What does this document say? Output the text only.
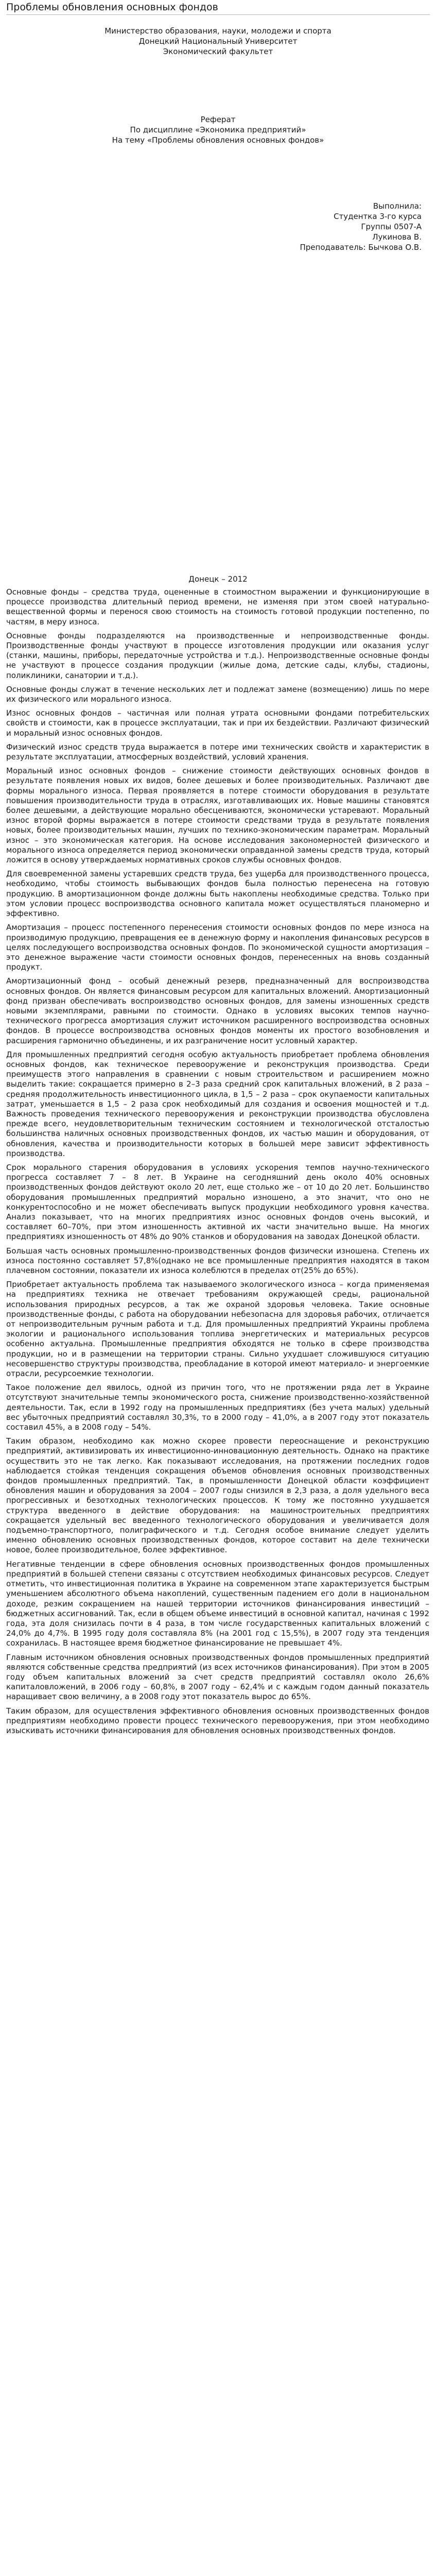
Проблемы обновления основных фондов
Министерство образования, науки, молодежи и спорта
Донецкий Национальный Университет
Экономический факультет
Реферат
По дисциплине «Экономика предприятий»
На тему «Проблемы обновления основных фондов»
Выполнила:
Студентка 3-го курса
Группы 0507-А
Лукинова В.
Преподаватель: Бычкова О.В.
Донецк – 2012

Основные фонды – средства труда, оцененные в стоимостном выражении и функционирующие в процессе производства длительный период времени, не изменяя при этом своей натурально-вещественной формы и перенося свою стоимость на стоимость готовой продукции постепенно, по частям, в меру износа.

Основные фонды подразделяются на производственные и непроизводственные фонды. Производственные фонды участвуют в процессе изготовления продукции или оказания услуг (станки, машины, приборы, передаточные устройства и т.д.). Непроизводственные основные фонды не участвуют в процессе создания продукции (жилые дома, детские сады, клубы, стадионы, поликлиники, санатории и т.д.).

Основные фонды служат в течение нескольких лет и подлежат замене (возмещению) лишь по мере их физического или морального износа.

Износ основных фондов – частичная или полная утрата основными фондами потребительских свойств и стоимости, как в процессе эксплуатации, так и при их бездействии. Различают физический и моральный износ основных фондов.

Физический износ средств труда выражается в потере ими технических свойств и характеристик в результате эксплуатации, атмосферных воздействий, условий хранения.

Моральный износ основных фондов – снижение стоимости действующих основных фондов в результате появления новых их видов, более дешевых и более производительных. Различают две формы морального износа. Первая проявляется в потере стоимости оборудования в результате повышения производительности труда в отраслях, изготавливающих их. Новые машины становятся более дешевыми, а действующие морально обесцениваются, экономически устаревают. Моральный износ второй формы выражается в потере стоимости средствами труда в результате появления новых, более производительных машин, лучших по технико-экономическим параметрам. Моральный износ – это экономическая категория. На основе исследования закономерностей физического и морального износа определяется период экономически оправданной замены средств труда, который ложится в основу утверждаемых нормативных сроков службы основных фондов.

Для своевременной замены устаревших средств труда, без ущерба для производственного процесса, необходимо, чтобы стоимость выбывающих фондов была полностью перенесена на готовую продукцию. В амортизационном фонде должны быть накоплены необходимые средства. Только при этом условии процесс воспроизводства основного капитала может осуществляться планомерно и эффективно.

Амортизация – процесс постепенного перенесения стоимости основных фондов по мере износа на производимую продукцию, превращения ее в денежную форму и накопления финансовых ресурсов в целях последующего воспроизводства основных фондов. По экономической сущности амортизация – это денежное выражение части стоимости основных фондов, перенесенных на вновь созданный продукт.

Амортизационный фонд – особый денежный резерв, предназначенный для воспроизводства основных фондов. Он является финансовым ресурсом для капитальных вложений. Амортизационный фонд призван обеспечивать воспроизводство основных фондов, для замены изношенных средств новыми экземплярами, равными по стоимости. Однако в условиях высоких темпов научно-технического прогресса амортизация служит источником расширенного воспроизводства основных фондов. В процессе воспроизводства основных фондов моменты их простого возобновления и расширения гармонично объединены, и их разграничение носит условный характер.

Для промышленных предприятий сегодня особую актуальность приобретает проблема обновления основных фондов, как техническое перевооружение и реконструкция производства. Среди преимуществ этого направления в сравнении с новым строительством и расширением можно выделить такие: сокращается примерно в 2–3 раза средний срок капитальных вложений, в 2 раза – средняя продолжительность инвестиционного цикла, в 1,5 – 2 раза – срок окупаемости капитальных затрат, уменьшается в 1,5 – 2 раза срок необходимый для создания и освоения мощностей и т.д. Важность проведения технического перевооружения и реконструкции производства обусловлена прежде всего, неудовлетворительным техническим состоянием и технологической отсталостью большинства наличных основных производственных фондов, их частью машин и оборудования, от обновления, качества и производительности которых в большей мере зависит эффективность производства.

Срок морального старения оборудования в условиях ускорения темпов научно-технического прогресса составляет 7 – 8 лет. В Украине на сегодняшний день около 40% основных производственных фондов действуют около 20 лет, еще столько же – от 10 до 20 лет. Большинство оборудования промышленных предприятий морально изношено, а это значит, что оно не конкурентоспособно и не может обеспечивать выпуск продукции необходимого уровня качества. Анализ показывает, что на многих предприятиях износ основных фондов очень высокий, и составляет 60–70%, при этом изношенность активной их части значительно выше. На многих предприятиях изношенность от 48% до 90% станков и оборудования на заводах Донецкой области.

Большая часть основных промышленно-производственных фондов физически изношена. Степень их износа постоянно составляет 57,8%(однако не все промышленные предприятия находятся в таком плачевном состоянии, показатели их износа колеблются в пределах от(25% до 65%).

Приобретает актуальность проблема так называемого экологического износа – когда применяемая на предприятиях техника не отвечает требованиям окружающей среды, рациональной использования природных ресурсов, а так же охраной здоровья человека. Такие основные производственные фонды, с работа на оборудовании небезопасна для здоровья рабочих, отличается от непроизводительным ручным работа и т.д. Для промышленных предприятий Украины проблема экологии и рационального использования топлива энергетических и материальных ресурсов особенно актуальна. Промышленные предприятия обходятся не только в сфере производства продукции, но и в размещении на территории страны. Сильно ухудшает сложившуюся ситуацию несовершенство структуры производства, преобладание в которой имеют материало- и энергоемкие отрасли, ресурсоемкие технологии.

Такое положение дел явилось, одной из причин того, что не протяжении ряда лет в Украине отсутствуют значительные темпы экономического роста, снижение производственно-хозяйственной деятельности. Так, если в 1992 году на промышленных предприятиях (без учета малых) удельный вес убыточных предприятий составлял 30,3%, то в 2000 году – 41,0%, а в 2007 году этот показатель составил 45%, а в 2008 году – 54%.

Таким образом, необходимо как можно скорее провести переоснащение и реконструкцию предприятий, активизировать их инвестиционно-инновационную деятельность. Однако на практике осуществить это не так легко. Как показывают исследования, на протяжении последних годов наблюдается стойкая тенденция сокращения объемов обновления основных производственных фондов промышленных предприятий. Так, в промышленности Донецкой области коэффициент обновления машин и оборудования за 2004 – 2007 годы снизился в 2,3 раза, а доля удельного веса прогрессивных и безотходных технологических процессов. К тому же постоянно ухудшается структура введенного в действие оборудования: на машиностроительных предприятиях сокращается удельный вес введенного технологического оборудования и увеличивается доля подъемно-транспортного, полиграфического и т.д. Сегодня особое внимание следует уделить именно обновлению основных производственных фондов, которое составит на деле технически новое, более производительное, более эффективное.

Негативные тенденции в сфере обновления основных производственных фондов промышленных предприятий в большей степени связаны с отсутствием необходимых финансовых ресурсов. Следует отметить, что инвестиционная политика в Украине на современном этапе характеризуется быстрым уменьшением абсолютного объема накоплений, существенным падением его доли в национальном доходе, резким сокращением на нашей территории источников финансирования инвестиций – бюджетных ассигнований. Так, если в общем объеме инвестиций в основной капитал, начиная с 1992 года, эта доля снизилась почти в 4 раза, в том числе государственных капитальных вложений с 24,0% до 4,7%. В 1995 году доля составляла 8% (на 2001 год с 15,5%), в 2007 году эта тенденция сохранилась. В настоящее время бюджетное финансирование не превышает 4%.

Главным источником обновления основных производственных фондов промышленных предприятий являются собственные средства предприятий (из всех источников финансирования). При этом в 2005 году объем капитальных вложений за счет средств предприятий составлял около 26,6% капиталовложений, в 2006 году – 60,8%, в 2007 году – 62,4% и с каждым годом данный показатель наращивает свою величину, а в 2008 году этот показатель вырос до 65%.

Таким образом, для осуществления эффективного обновления основных производственных фондов предприятиям необходимо провести процесс технического перевооружения, при этом необходимо изыскивать источники финансирования для обновления основных производственных фондов.
